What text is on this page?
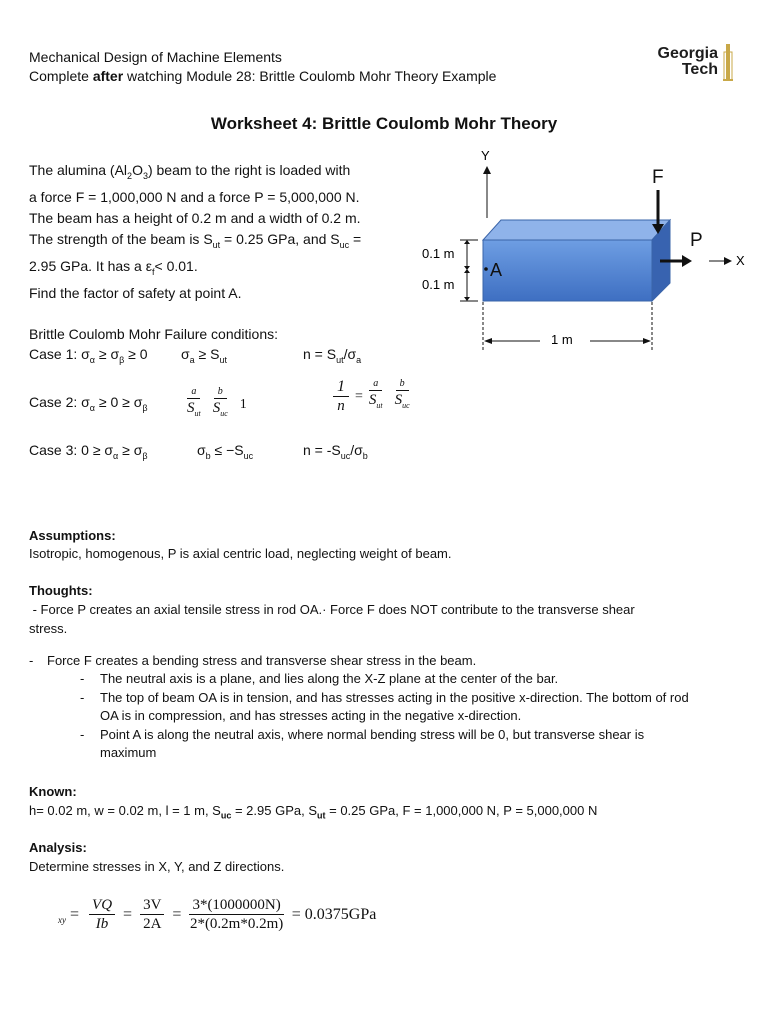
Mechanical Design of Machine Elements
Complete after watching Module 28: Brittle Coulomb Mohr Theory Example
Georgia
Tech
Worksheet 4: Brittle Coulomb Mohr Theory
The alumina $(Al_2O_3)$ beam to the right is loaded with
a force F = 1,000,000 N and a force P = 5,000,000 N.
The beam has a height of 0.2 m and a width of 0.2 m.
The strength of the beam is $S_{ut} = 0.25$ GPa, and $S_{uc}$ =
2.95 GPa. It has a $\varepsilon_f< 0.01$.
Find the factor of safety at point A.
Brittle Coulomb Mohr Failure conditions:
Case 1: $\sigma_\alpha \ge \sigma_\beta \ge 0$ $\sigma_a \ge S_{ut}$	$n = S_{ut}/\sigma_a$
Case 2: $\sigma_\alpha \ge 0 \ge \sigma_\beta$	$\frac{a}{S_{ut}} \frac{b}{S_{uc}} 1$	$\frac{1}{n} = \frac{a}{S_{ut}} \frac{b}{S_{uc}}$
Case 3: $0 \ge \sigma_\alpha \ge \sigma_\beta$	$\sigma_b \le -S_{uc}$	$n = -S_{uc}/\sigma_b$
Y
A
F
P
X
0.1 m
0.1 m
1 m
Assumptions:
Isotropic, homogenous, P is axial centric load, neglecting weight of beam.
Thoughts:
- Force P creates an axial tensile stress in rod OA.· Force F does NOT contribute to the transverse shear
stress.
- Force F creates a bending stress and transverse shear stress in the beam.
- The neutral axis is a plane, and lies along the X-Z plane at the center of the bar.
- The top of beam OA is in tension, and has stresses acting in the positive x-direction. The bottom of rod OA is in compression, and has stresses acting in the negative x-direction.
- Point A is along the neutral axis, where normal bending stress will be 0, but transverse shear is maximum
Known:
h= 0.02 m, w = 0.02 m, l = 1 m, $S_{uc} = 2.95$ GPa, $S_{ut} = 0.25$ GPa, F = 1,000,000 N, P = 5,000,000 N
Analysis:
Determine stresses in X, Y, and Z directions.
xy = $\frac{VQ}{Ib} = \frac{3V}{2A} = \frac{3*(1000000N)}{2*(0.2m*0.2m)} = 0.0375GPa$
